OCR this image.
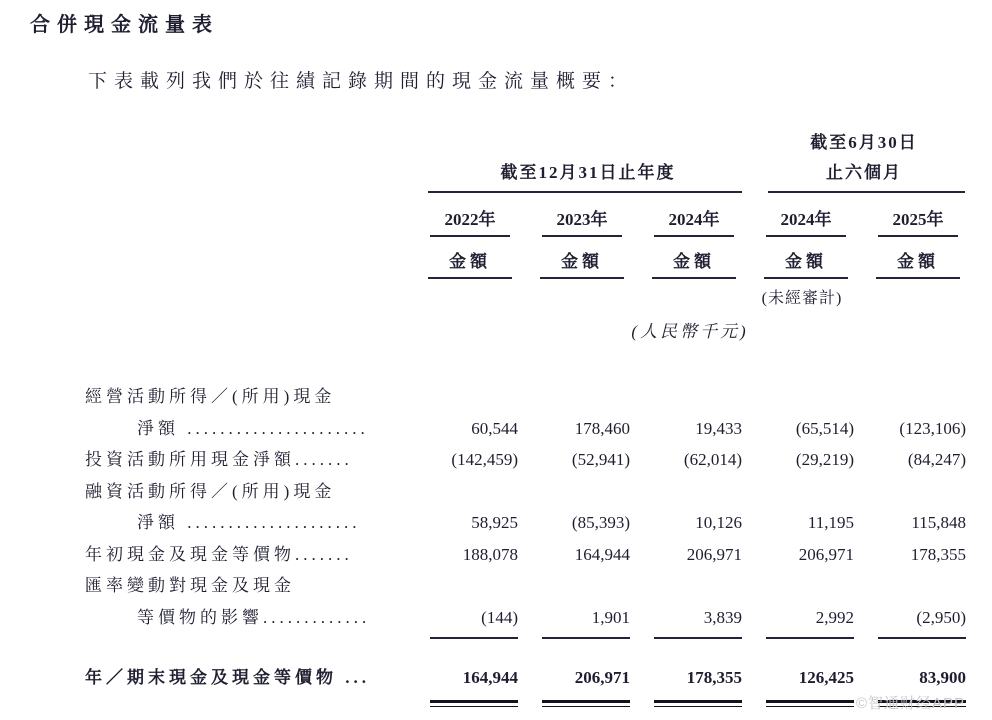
合併現金流量表
下表載列我們於往績記錄期間的現金流量概要：
截至6月30日
截至12月31日止年度	止六個月
2022年	2023年	2024年	2024年	2025年
金額	金額	金額	金額	金額
(未經審計)
(人民幣千元)
經營活動所得／(所用)現金
淨額 ......................	60,544	178,460	19,433	(65,514)	(123,106)
投資活動所用現金淨額.......	(142,459)	(52,941)	(62,014)	(29,219)	(84,247)
融資活動所得／(所用)現金
淨額 .....................	58,925	(85,393)	10,126	11,195	115,848
年初現金及現金等價物.......	188,078	164,944	206,971	206,971	178,355
匯率變動對現金及現金
等價物的影響.............	(144)	1,901	3,839	2,992	(2,950)
年／期末現金及現金等價物 ...	164,944	206,971	178,355	126,425	83,900
©智通财经APP
